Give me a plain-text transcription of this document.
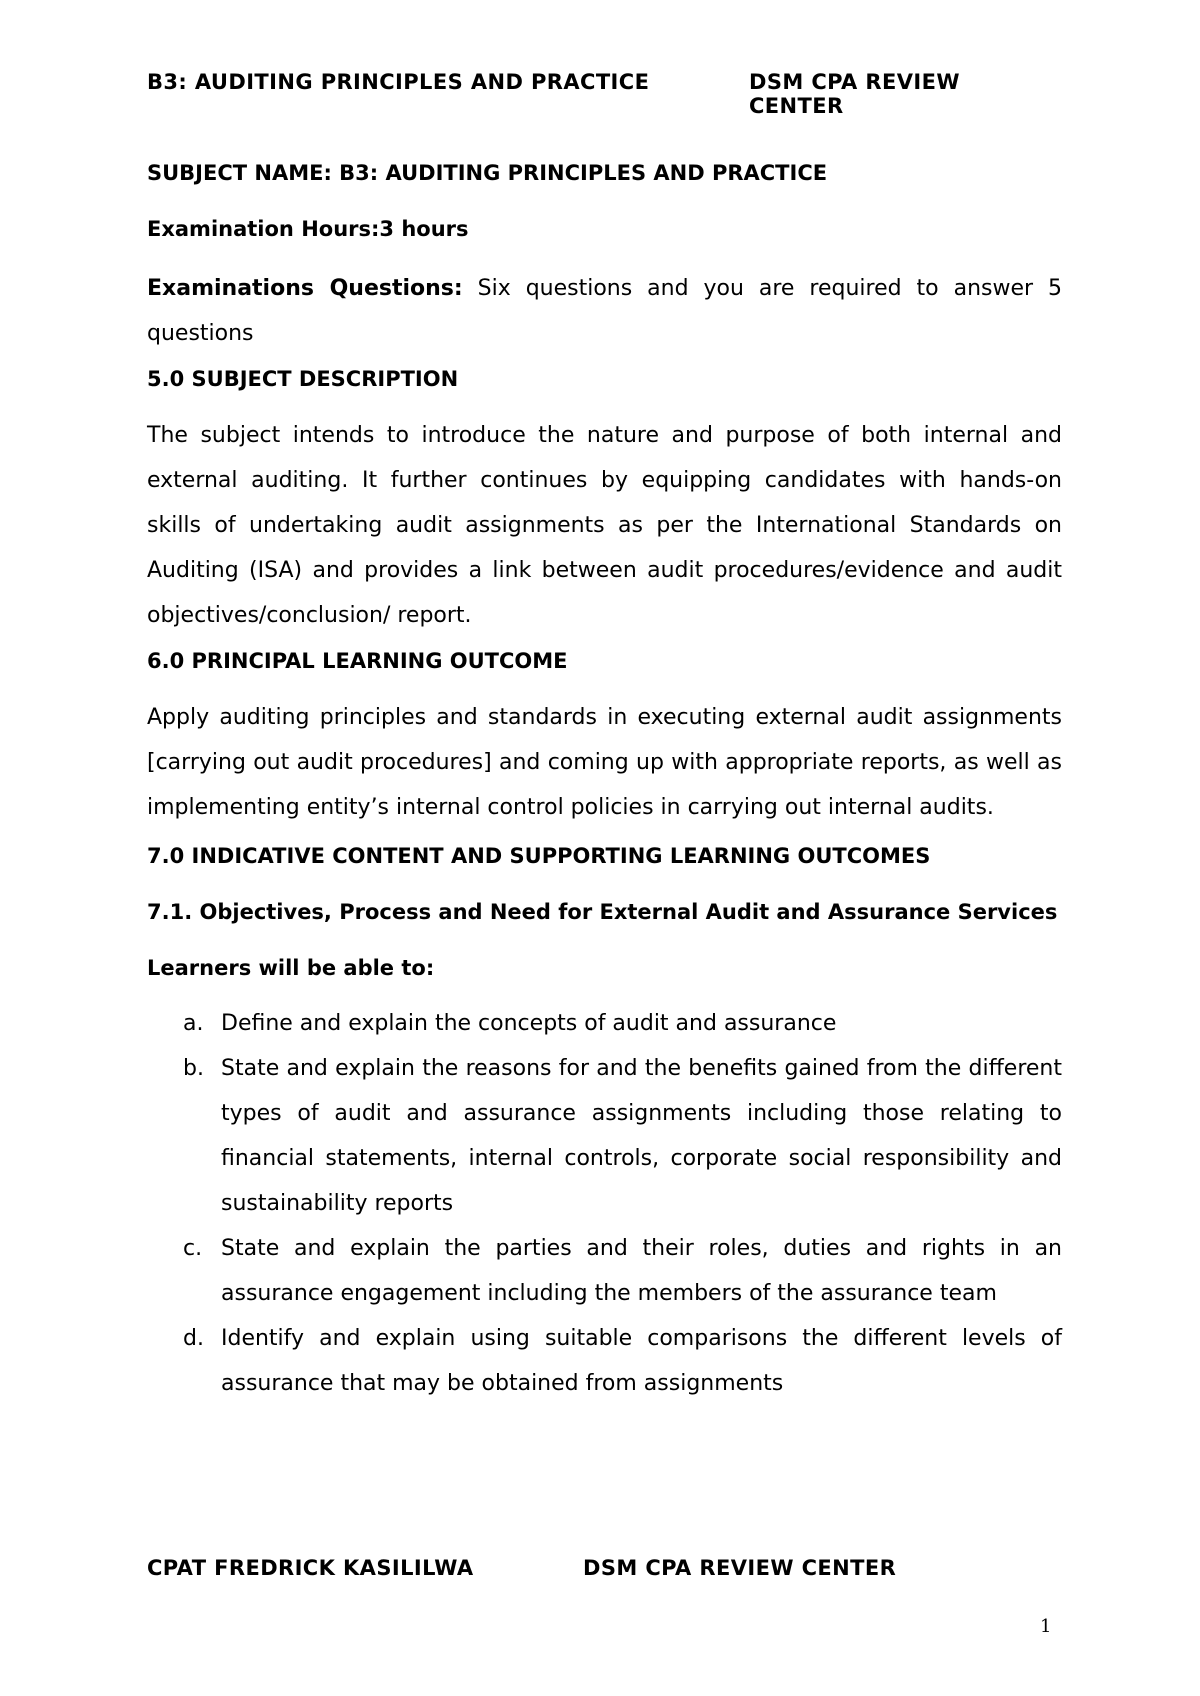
B3: AUDITING PRINCIPLES AND PRACTICE	DSM CPA REVIEW CENTER

SUBJECT NAME: B3: AUDITING PRINCIPLES AND PRACTICE

Examination Hours:3 hours

Examinations Questions: Six questions and you are required to answer 5 questions

5.0 SUBJECT DESCRIPTION

The subject intends to introduce the nature and purpose of both internal and external auditing. It further continues by equipping candidates with hands-on skills of undertaking audit assignments as per the International Standards on Auditing (ISA) and provides a link between audit procedures/evidence and audit objectives/conclusion/ report.

6.0 PRINCIPAL LEARNING OUTCOME

Apply auditing principles and standards in executing external audit assignments [carrying out audit procedures] and coming up with appropriate reports, as well as implementing entity’s internal control policies in carrying out internal audits.

7.0 INDICATIVE CONTENT AND SUPPORTING LEARNING OUTCOMES

7.1. Objectives, Process and Need for External Audit and Assurance Services

Learners will be able to:

a. Define and explain the concepts of audit and assurance
b. State and explain the reasons for and the benefits gained from the different types of audit and assurance assignments including those relating to financial statements, internal controls, corporate social responsibility and sustainability reports
c. State and explain the parties and their roles, duties and rights in an assurance engagement including the members of the assurance team
d. Identify and explain using suitable comparisons the different levels of assurance that may be obtained from assignments
CPAT FREDRICK KASILILWA	DSM CPA REVIEW CENTER
1
